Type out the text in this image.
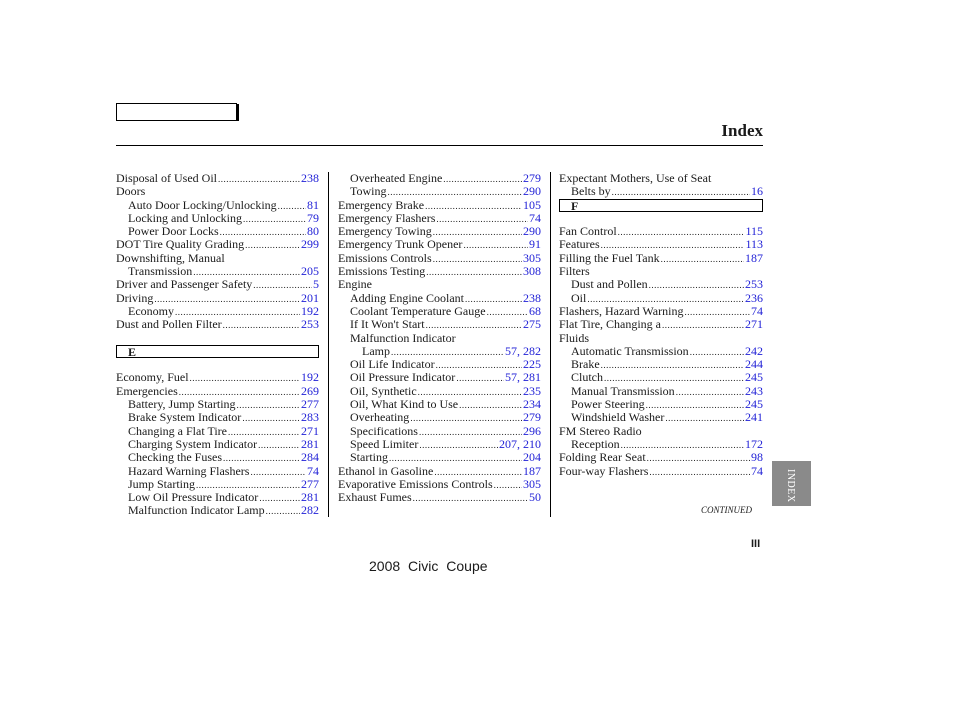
Index
Disposal of Used Oil .....	238
Doors
Auto Door Locking/Unlocking .....	81
Locking and Unlocking .....	79
Power Door Locks .....	80
DOT Tire Quality Grading .....	299
Downshifting, Manual
Transmission .....	205
Driver and Passenger Safety .....	5
Driving .....	201
Economy .....	192
Dust and Pollen Filter .....	253
E
Economy, Fuel .....	192
Emergencies .....	269
Battery, Jump Starting .....	277
Brake System Indicator .....	283
Changing a Flat Tire .....	271
Charging System Indicator .....	281
Checking the Fuses .....	284
Hazard Warning Flashers .....	74
Jump Starting .....	277
Low Oil Pressure Indicator .....	281
Malfunction Indicator Lamp .....	282
Overheated Engine .....	279
Towing .....	290
Emergency Brake .....	105
Emergency Flashers .....	74
Emergency Towing .....	290
Emergency Trunk Opener .....	91
Emissions Controls .....	305
Emissions Testing .....	308
Engine
Adding Engine Coolant .....	238
Coolant Temperature Gauge .....	68
If It Won't Start .....	275
Malfunction Indicator
Lamp .....	57, 282
Oil Life Indicator .....	225
Oil Pressure Indicator .....	57, 281
Oil, Synthetic .....	235
Oil, What Kind to Use .....	234
Overheating .....	279
Specifications .....	296
Speed Limiter .....	207, 210
Starting .....	204
Ethanol in Gasoline .....	187
Evaporative Emissions Controls .....	305
Exhaust Fumes .....	50
Expectant Mothers, Use of Seat
Belts by .....	16
F
Fan Control .....	115
Features .....	113
Filling the Fuel Tank .....	187
Filters
Dust and Pollen .....	253
Oil .....	236
Flashers, Hazard Warning .....	74
Flat Tire, Changing a .....	271
Fluids
Automatic Transmission .....	242
Brake .....	244
Clutch .....	245
Manual Transmission .....	243
Power Steering .....	245
Windshield Washer .....	241
FM Stereo Radio
Reception .....	172
Folding Rear Seat .....	98
Four-way Flashers .....	74 INDEX
CONTINUED
III
2008 Civic Coupe
